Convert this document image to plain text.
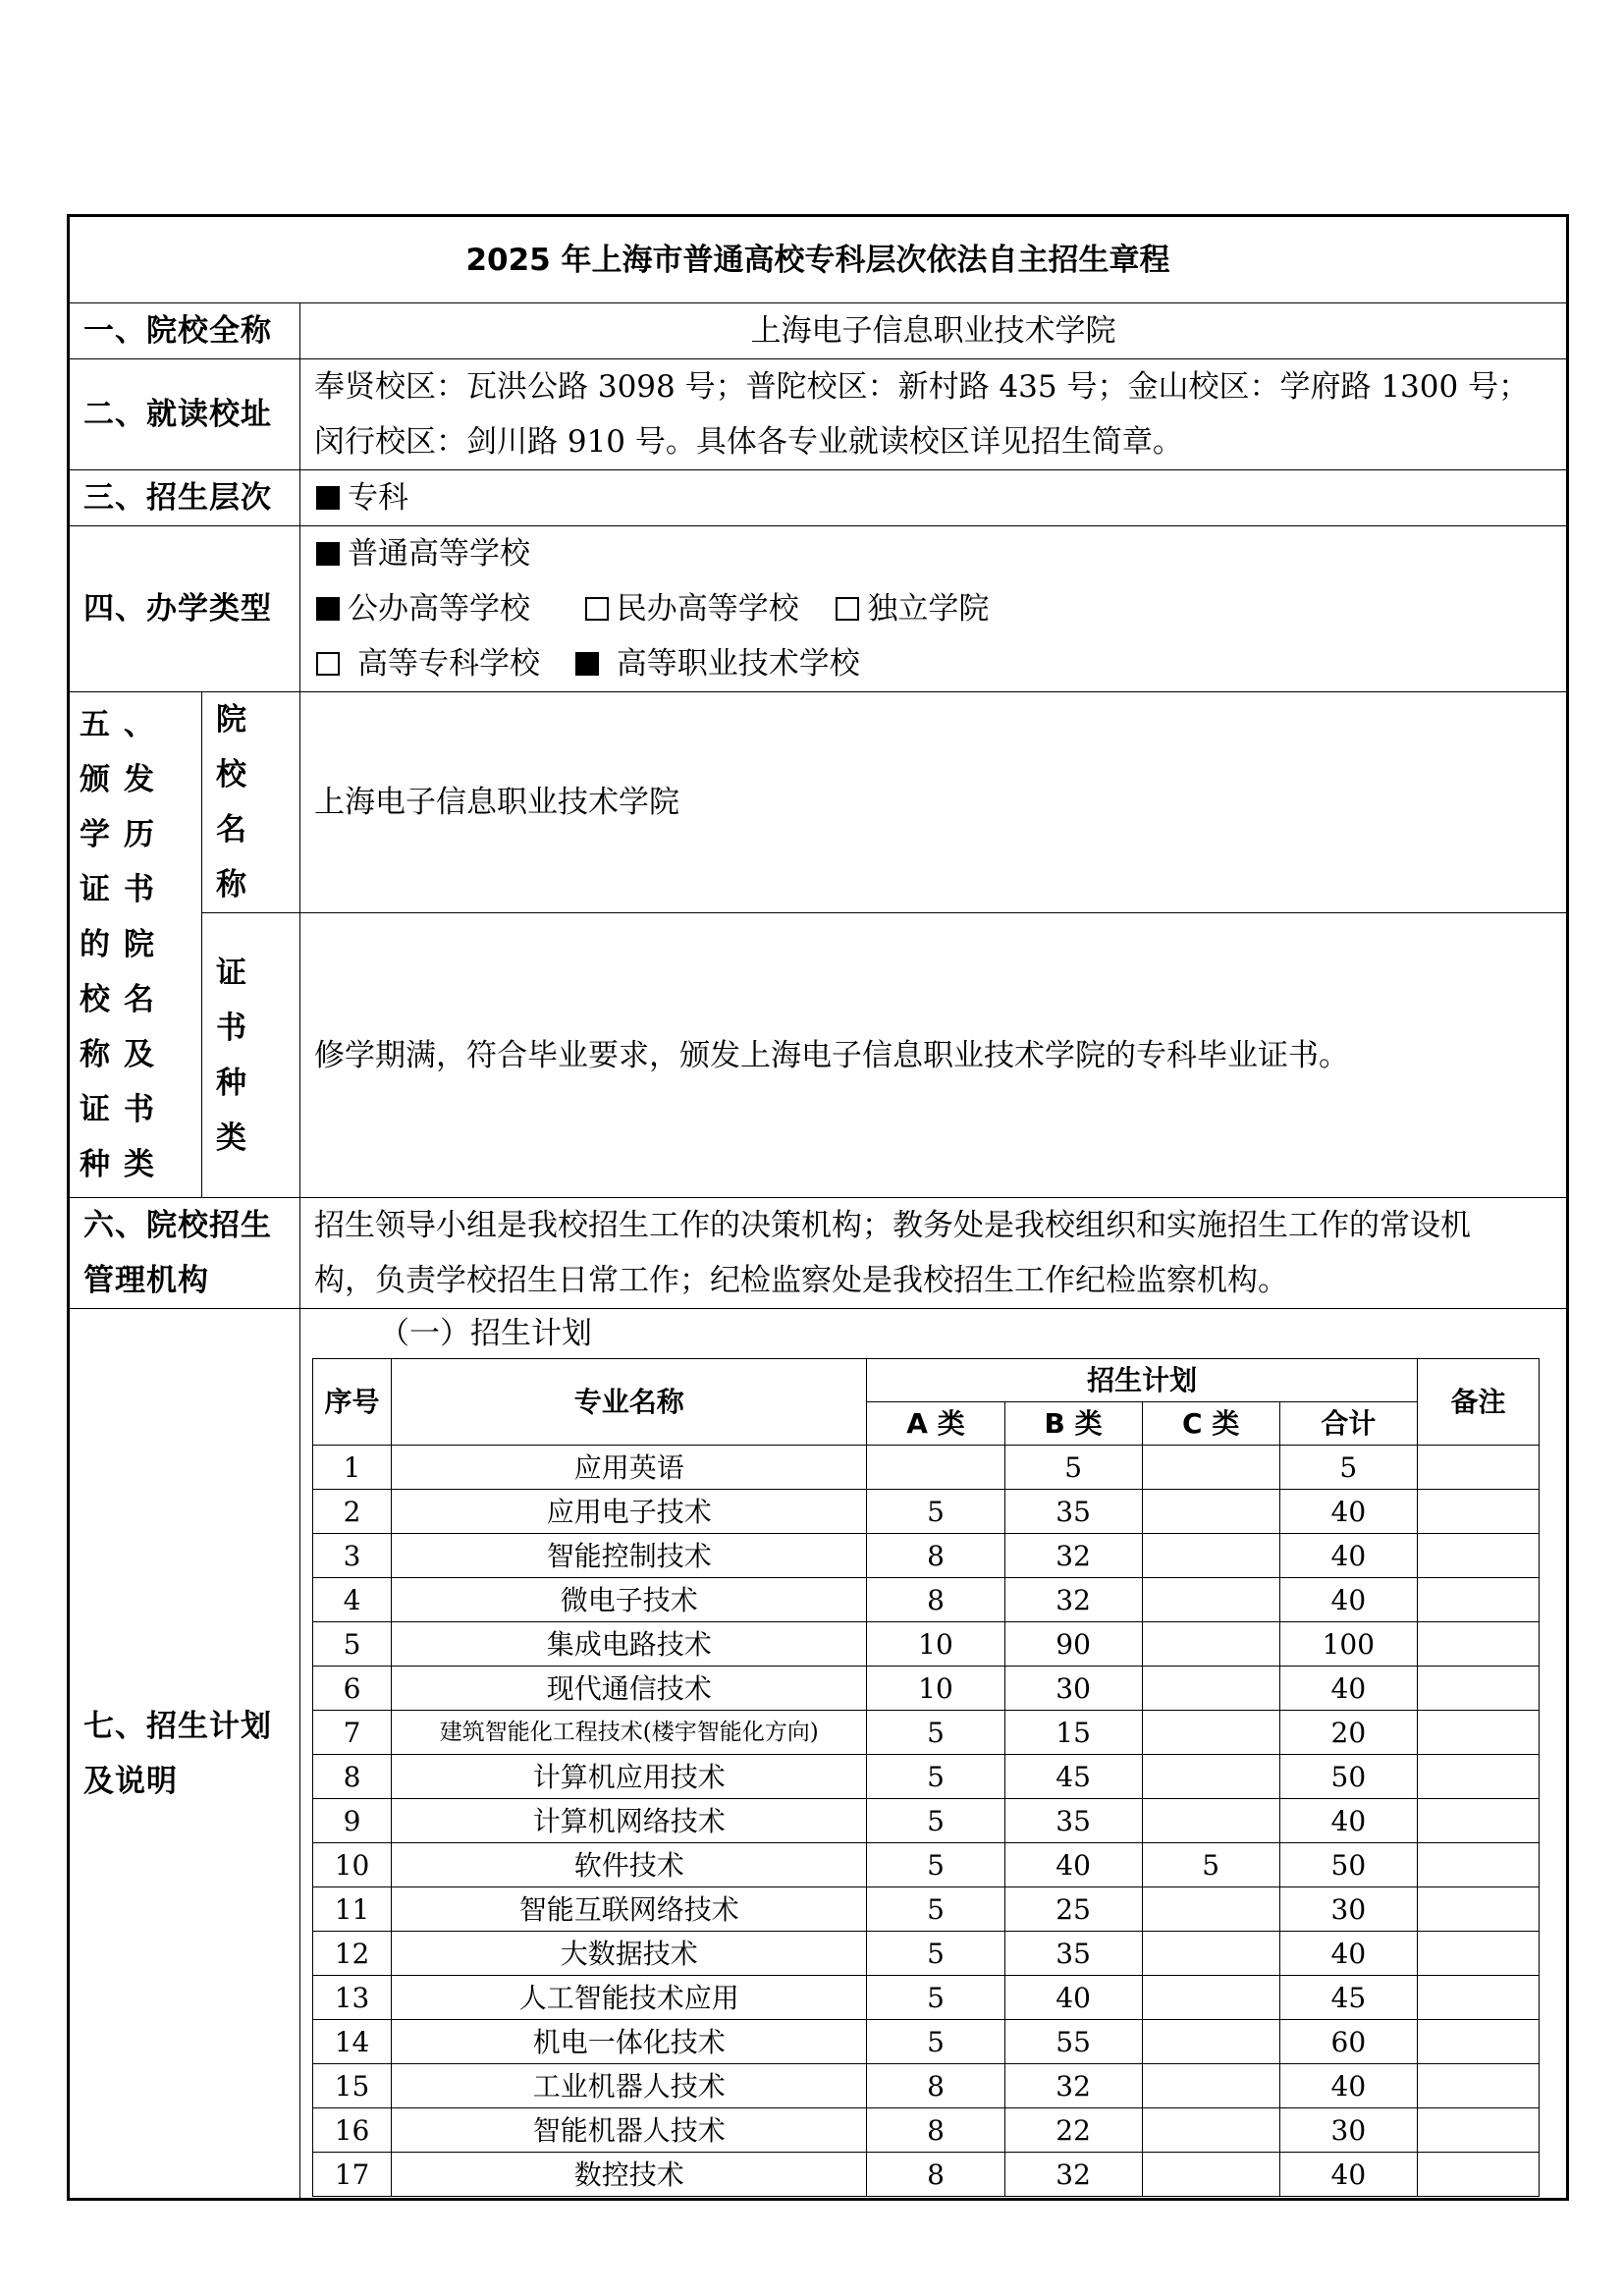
2025 年上海市普通高校专科层次依法自主招生章程
一、院校全称	上海电子信息职业技术学院
二、就读校址	
奉贤校区：瓦洪公路 3098 号；普陀校区：新村路 435 号；金山校区：学府路 1300 号；
闵行校区：剑川路 910 号。具体各专业就读校区详见招生简章。

三、招生层次	专科
四、办学类型	
普通高等学校
公办高等学校	民办高等学校 独立学院
高等专科学校	高等职业技术学校

五、颁发学历证书的院校名称及证书种类	院校名称	上海电子信息职业技术学院
证书种类	修学期满，符合毕业要求，颁发上海电子信息职业技术学院的专科毕业证书。
六、院校招生管理机构	
招生领导小组是我校招生工作的决策机构；教务处是我校组织和实施招生工作的常设机
构，负责学校招生日常工作；纪检监察处是我校招生工作纪检监察机构。

七、招生计划及说明	
（一）招生计划
序号	专业名称	招生计划	备注
A 类	B 类	C 类	合计
1	应用英语		5		5	
2	应用电子技术	5	35		40	
3	智能控制技术	8	32		40	
4	微电子技术	8	32		40	
5	集成电路技术	10	90		100	
6	现代通信技术	10	30		40	
7	建筑智能化工程技术(楼宇智能化方向)	5	15		20	
8	计算机应用技术	5	45		50	
9	计算机网络技术	5	35		40	
10	软件技术	5	40	5	50	
11	智能互联网络技术	5	25		30	
12	大数据技术	5	35		40	
13	人工智能技术应用	5	40		45	
14	机电一体化技术	5	55		60	
15	工业机器人技术	8	32		40	
16	智能机器人技术	8	22		30	
17	数控技术	8	32		40	
